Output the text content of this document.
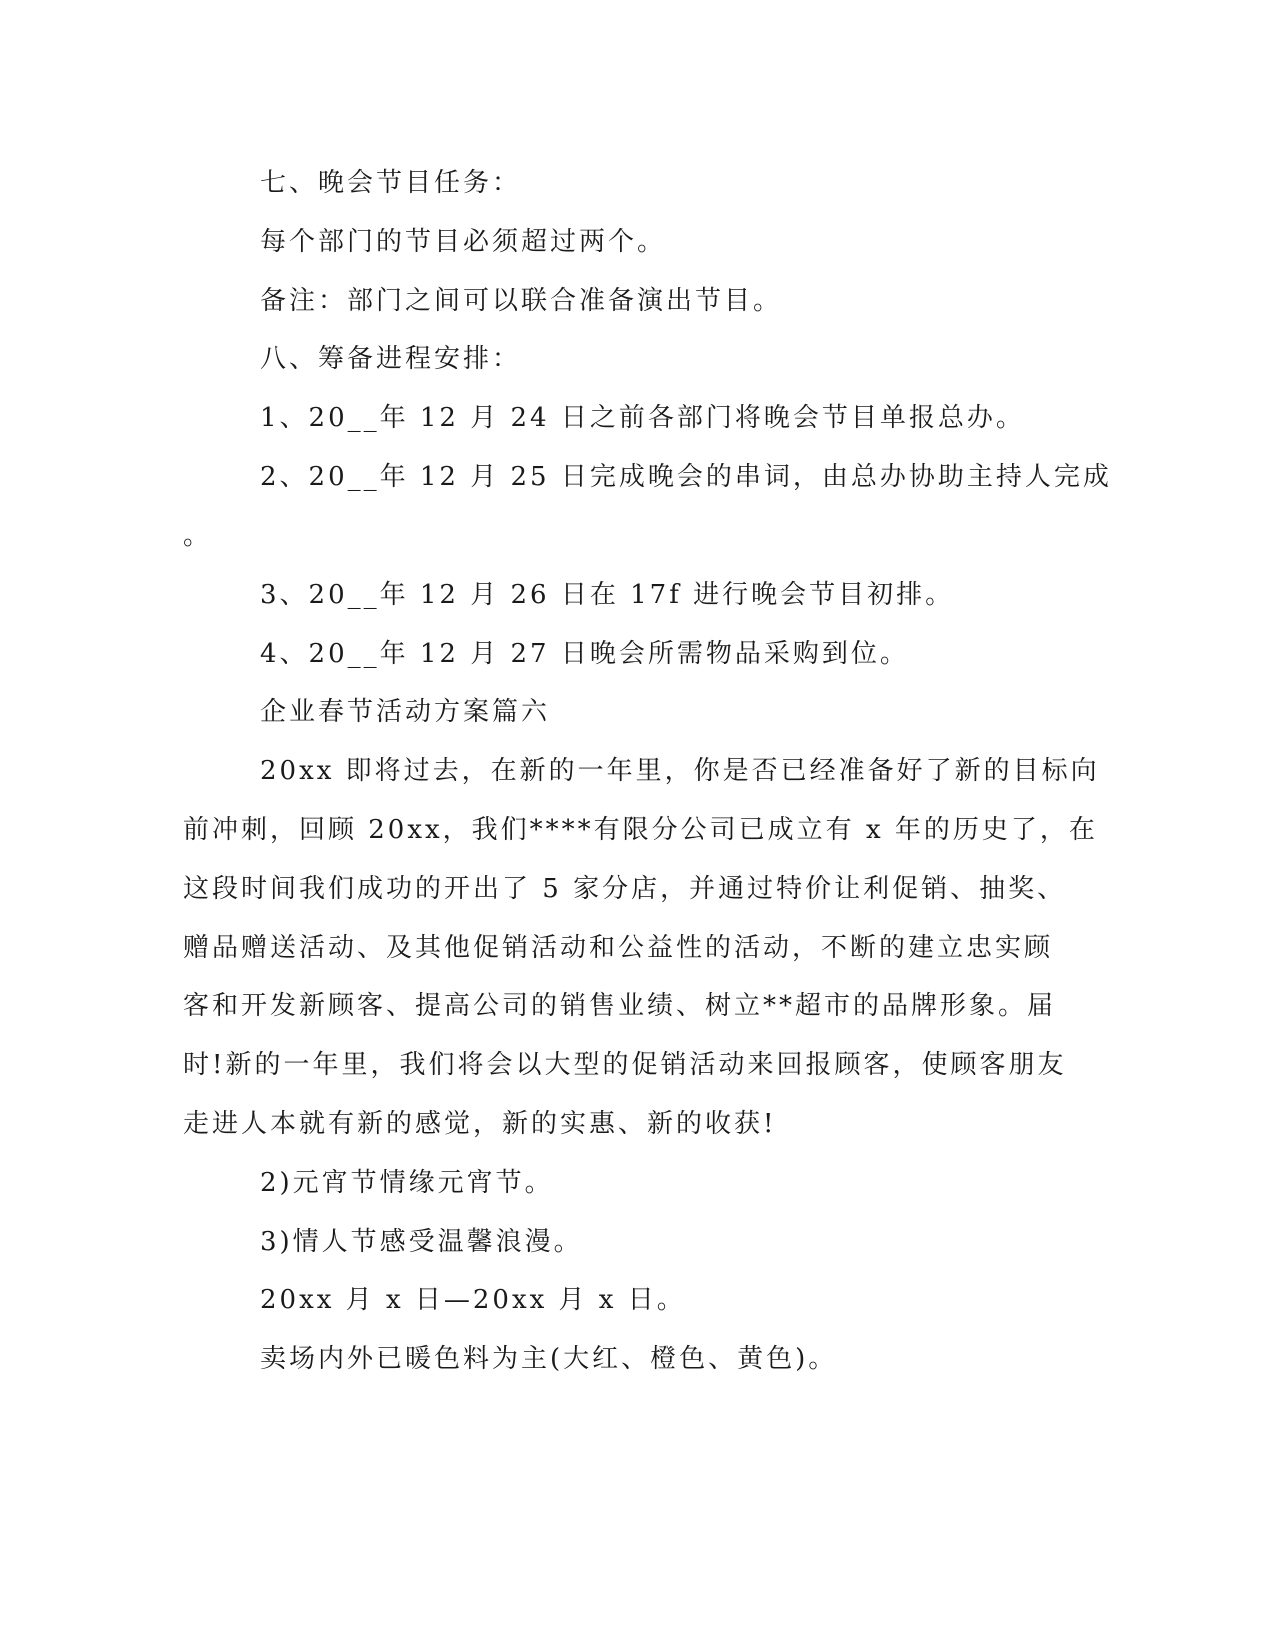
七、晚会节目任务：
每个部门的节目必须超过两个。
备注：部门之间可以联合准备演出节目。
八、筹备进程安排：
1、20__年 12 月 24 日之前各部门将晚会节目单报总办。
2、20__年 12 月 25 日完成晚会的串词，由总办协助主持人完成
。
3、20__年 12 月 26 日在 17f 进行晚会节目初排。
4、20__年 12 月 27 日晚会所需物品采购到位。
企业春节活动方案篇六
20xx 即将过去，在新的一年里，你是否已经准备好了新的目标向
前冲刺，回顾 20xx，我们****有限分公司已成立有 x 年的历史了，在
这段时间我们成功的开出了 5 家分店，并通过特价让利促销、抽奖、
赠品赠送活动、及其他促销活动和公益性的活动，不断的建立忠实顾
客和开发新顾客、提高公司的销售业绩、树立**超市的品牌形象。届
时!新的一年里，我们将会以大型的促销活动来回报顾客，使顾客朋友
走进人本就有新的感觉，新的实惠、新的收获!
2)元宵节情缘元宵节。
3)情人节感受温馨浪漫。
20xx 月 x 日—20xx 月 x 日。
卖场内外已暖色料为主(大红、橙色、黄色)。
